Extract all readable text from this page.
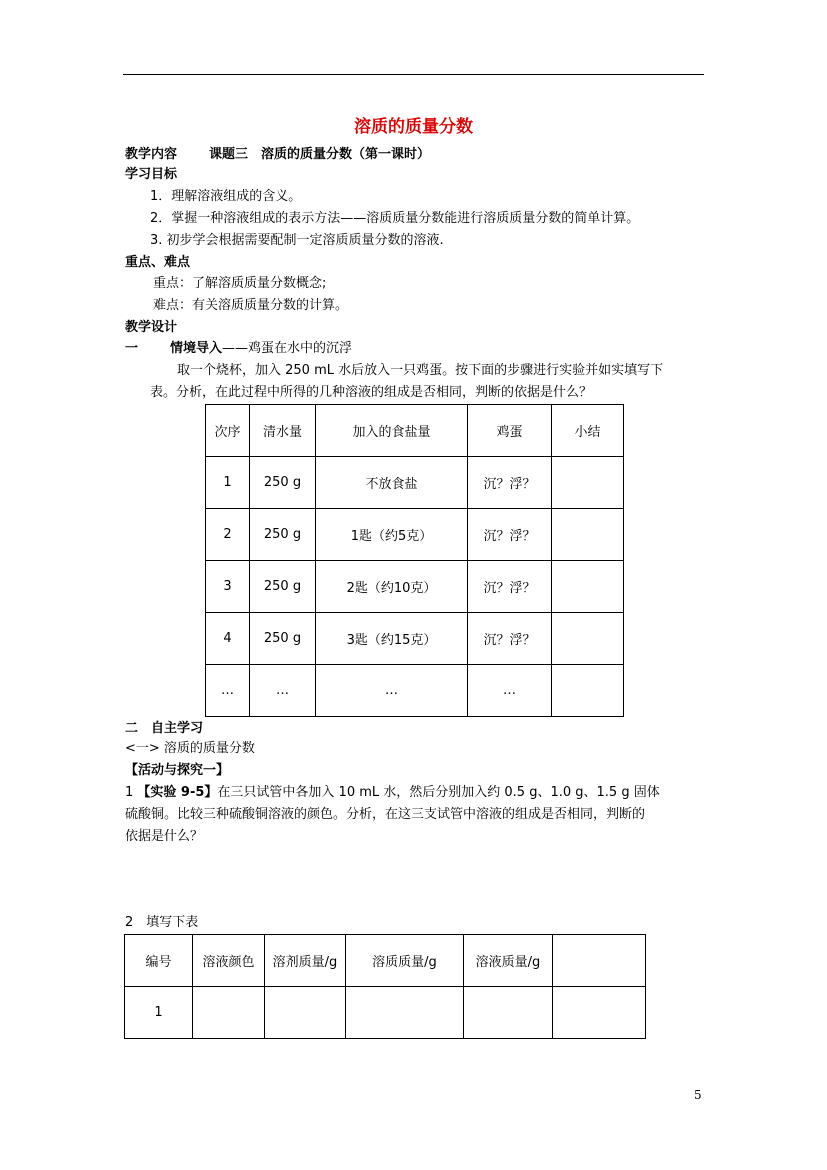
溶质的质量分数
教学内容 课题三　溶质的质量分数（第一课时）
学习目标
1．理解溶液组成的含义。
2．掌握一种溶液组成的表示方法——溶质质量分数能进行溶质质量分数的简单计算。
3. 初步学会根据需要配制一定溶质质量分数的溶液.
重点、难点
重点：了解溶质质量分数概念;
难点：有关溶质质量分数的计算。
教学设计
一 情境导入——鸡蛋在水中的沉浮
取一个烧杯，加入 250 mL 水后放入一只鸡蛋。按下面的步骤进行实验并如实填写下
表。分析，在此过程中所得的几种溶液的组成是否相同，判断的依据是什么？
次序	清水量	加入的食盐量	鸡蛋	小结
1	250 g	不放食盐	沉？浮？	
2	250 g	1匙（约5克）	沉？浮？	
3	250 g	2匙（约10克）	沉？浮？	
4	250 g	3匙（约15克）	沉？浮？	
…	…	…	…	
二　自主学习
<一> 溶质的质量分数
【活动与探究一】
1 【实验 9-5】在三只试管中各加入 10 mL 水，然后分别加入约 0.5 g、1.0 g、1.5 g 固体
硫酸铜。比较三种硫酸铜溶液的颜色。分析，在这三支试管中溶液的组成是否相同，判断的
依据是什么？
2　填写下表
编号	溶液颜色	溶剂质量/g	溶质质量/g	溶液质量/g	
1					
5
